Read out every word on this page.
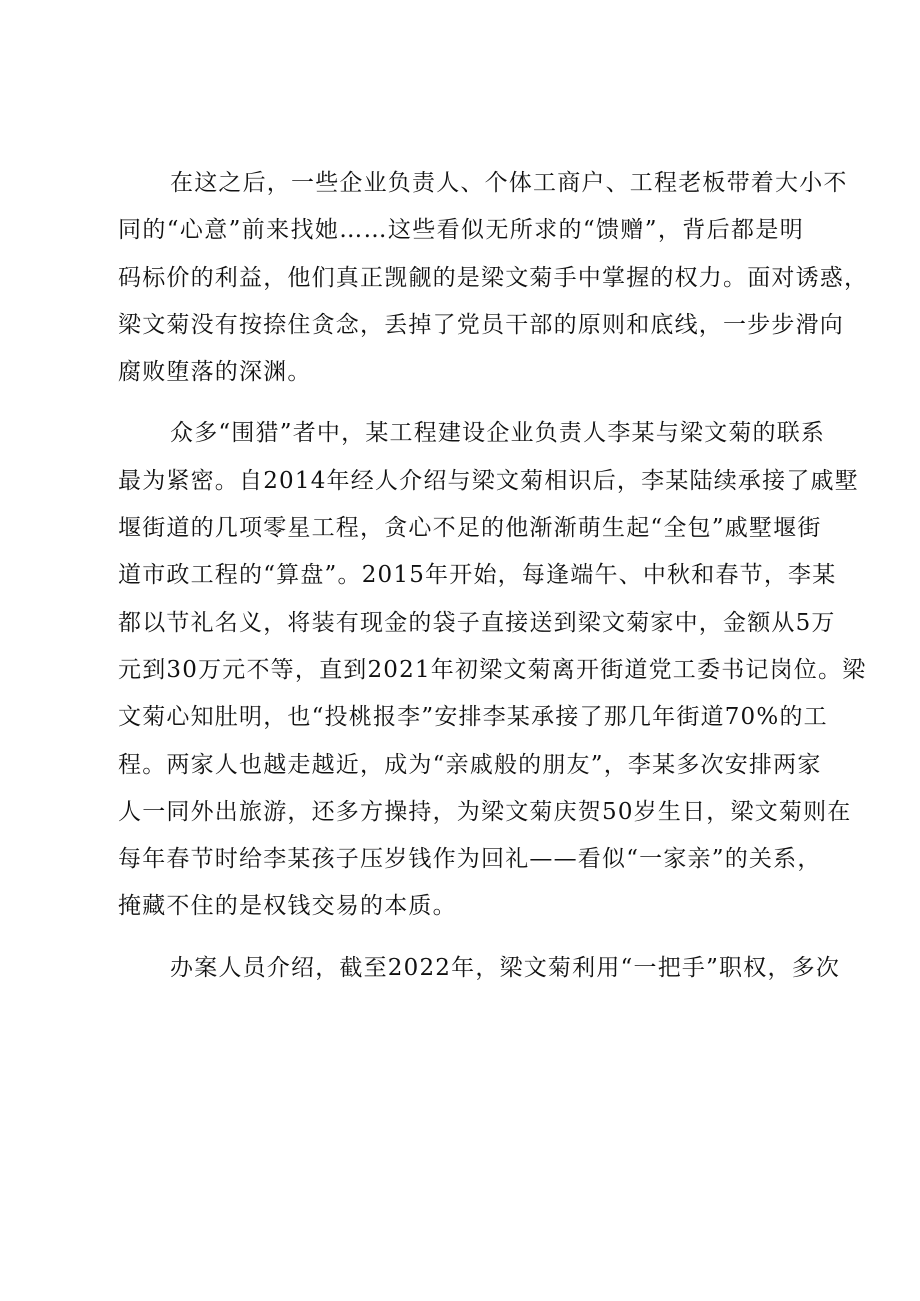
在这之后，一些企业负责人、个体工商户、工程老板带着大小不
同的“心意”前来找她……这些看似无所求的“馈赠”，背后都是明
码标价的利益，他们真正觊觎的是梁文菊手中掌握的权力。面对诱惑，
梁文菊没有按捺住贪念，丢掉了党员干部的原则和底线，一步步滑向
腐败堕落的深渊。

众多“围猎”者中，某工程建设企业负责人李某与梁文菊的联系
最为紧密。自2014年经人介绍与梁文菊相识后，李某陆续承接了戚墅
堰街道的几项零星工程，贪心不足的他渐渐萌生起“全包”戚墅堰街
道市政工程的“算盘”。2015年开始，每逢端午、中秋和春节，李某
都以节礼名义，将装有现金的袋子直接送到梁文菊家中，金额从5万
元到30万元不等，直到2021年初梁文菊离开街道党工委书记岗位。梁
文菊心知肚明，也“投桃报李”安排李某承接了那几年街道70%的工
程。两家人也越走越近，成为“亲戚般的朋友”，李某多次安排两家
人一同外出旅游，还多方操持，为梁文菊庆贺50岁生日，梁文菊则在
每年春节时给李某孩子压岁钱作为回礼——看似“一家亲”的关系，
掩藏不住的是权钱交易的本质。

办案人员介绍，截至2022年，梁文菊利用“一把手”职权，多次
